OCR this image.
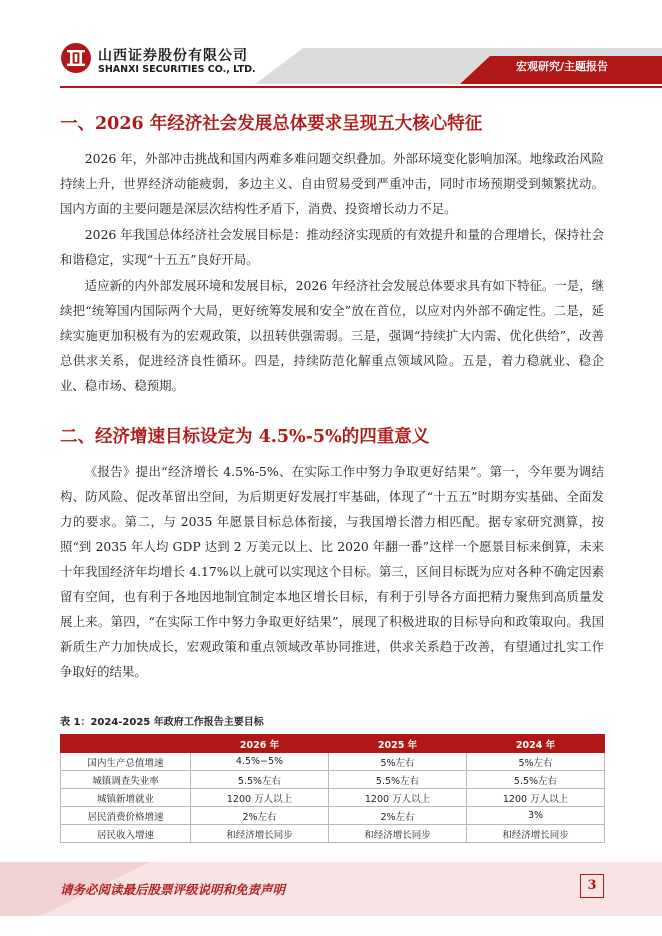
山西证券股份有限公司
SHANXI SECURITIES CO., LTD.	宏观研究/主题报告
一、2026 年经济社会发展总体要求呈现五大核心特征

2026 年，外部冲击挑战和国内两难多难问题交织叠加。外部环境变化影响加深。地缘政治风险持续上升，世界经济动能疲弱，多边主义、自由贸易受到严重冲击，同时市场预期受到频繁扰动。国内方面的主要问题是深层次结构性矛盾下，消费、投资增长动力不足。

2026 年我国总体经济社会发展目标是：推动经济实现质的有效提升和量的合理增长，保持社会和谐稳定，实现“十五五”良好开局。

适应新的内外部发展环境和发展目标，2026 年经济社会发展总体要求具有如下特征。一是，继续把“统筹国内国际两个大局，更好统筹发展和安全”放在首位，以应对内外部不确定性。二是，延续实施更加积极有为的宏观政策，以扭转供强需弱。三是，强调“持续扩大内需、优化供给”，改善总供求关系，促进经济良性循环。四是，持续防范化解重点领域风险。五是，着力稳就业、稳企业、稳市场、稳预期。

二、经济增速目标设定为 4.5%-5%的四重意义

《报告》提出“经济增长 4.5%-5%、在实际工作中努力争取更好结果”。第一，今年要为调结构、防风险、促改革留出空间，为后期更好发展打牢基础，体现了“十五五”时期夯实基础、全面发力的要求。第二，与 2035 年愿景目标总体衔接，与我国增长潜力相匹配。据专家研究测算，按照“到 2035 年人均 GDP 达到 2 万美元以上、比 2020 年翻一番”这样一个愿景目标来倒算，未来十年我国经济年均增长 4.17%以上就可以实现这个目标。第三，区间目标既为应对各种不确定因素留有空间，也有利于各地因地制宜制定本地区增长目标，有利于引导各方面把精力聚焦到高质量发展上来。第四，“在实际工作中努力争取更好结果”，展现了积极进取的目标导向和政策取向。我国新质生产力加快成长，宏观政策和重点领域改革协同推进，供求关系趋于改善，有望通过扎实工作争取好的结果。

表 1：2024-2025 年政府工作报告主要目标
	2026 年	2025 年	2024 年
国内生产总值增速	4.5%−5%	5%左右	5%左右
城镇调查失业率	5.5%左右	5.5%左右	5.5%左右
城镇新增就业	1200 万人以上	1200 万人以上	1200 万人以上
居民消费价格增速	2%左右	2%左右	3%
居民收入增速	和经济增长同步	和经济增长同步	和经济增长同步
请务必阅读最后股票评级说明和免责声明	3
